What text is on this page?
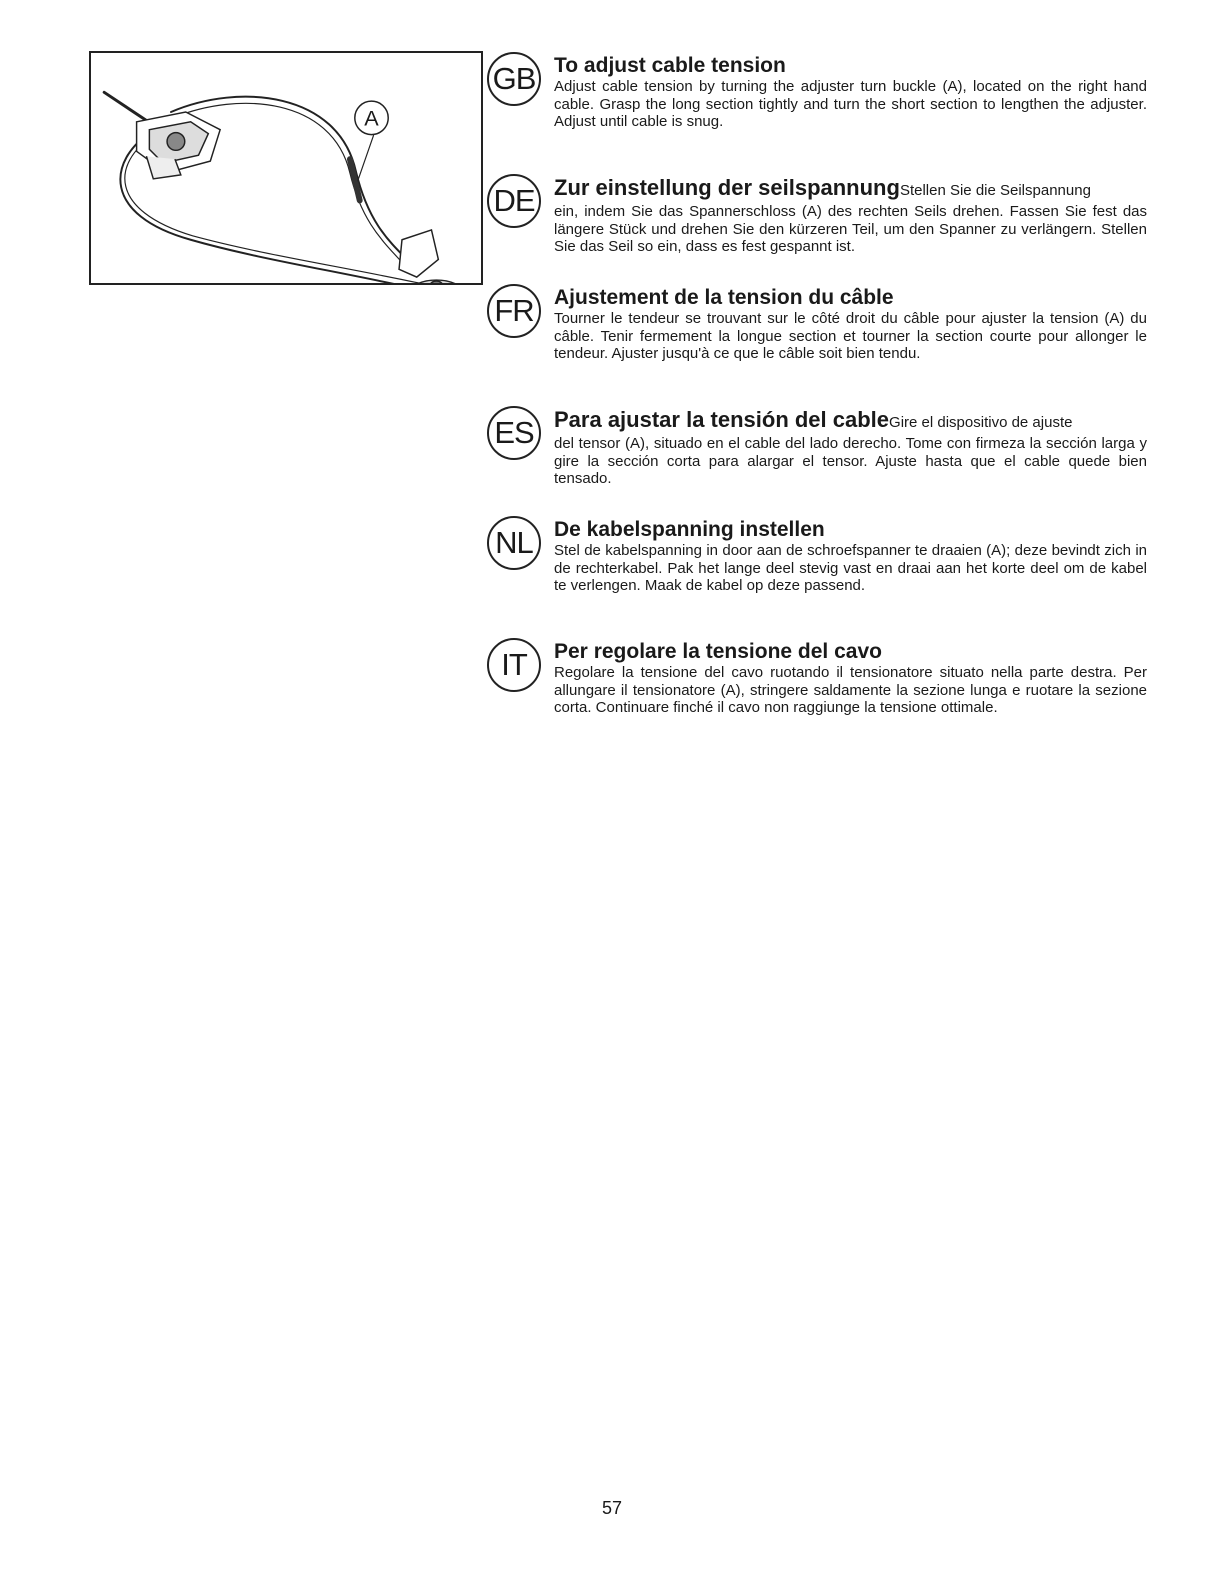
A
GB To adjust cable tension

Adjust cable tension by turning the adjuster turn buckle (A), located on the right hand cable. Grasp the long section tightly and turn the short section to lengthen the adjuster. Adjust until cable is snug.

DE Zur einstellung der seilspannungStellen Sie die Seilspannung

ein, indem Sie das Spannerschloss (A) des rechten Seils drehen. Fassen Sie fest das längere Stück und drehen Sie den kürzeren Teil, um den Spanner zu verlängern. Stellen Sie das Seil so ein, dass es fest gespannt ist.

FR Ajustement de la tension du câble

Tourner le tendeur se trouvant sur le côté droit du câble pour ajuster la tension (A) du câble. Tenir fermement la longue section et tourner la section courte pour allonger le tendeur. Ajuster jusqu'à ce que le câble soit bien tendu.

ES Para ajustar la tensión del cableGire el dispositivo de ajuste

del tensor (A), situado en el cable del lado derecho. Tome con firmeza la sección larga y gire la sección corta para alargar el tensor. Ajuste hasta que el cable quede bien tensado.

NL	De kabelspanning instellen

Stel de kabelspanning in door aan de schroefspanner te draaien (A); deze bevindt zich in de rechterkabel. Pak het lange deel stevig vast en draai aan het korte deel om de kabel te verlengen. Maak de kabel op deze passend.

IT	Per regolare la tensione del cavo

Regolare la tensione del cavo ruotando il tensionatore situato nella parte destra. Per allungare il tensionatore (A), stringere saldamente la sezione lunga e ruotare la sezione corta. Continuare finché il cavo non raggiunge la tensione ottimale.

57
